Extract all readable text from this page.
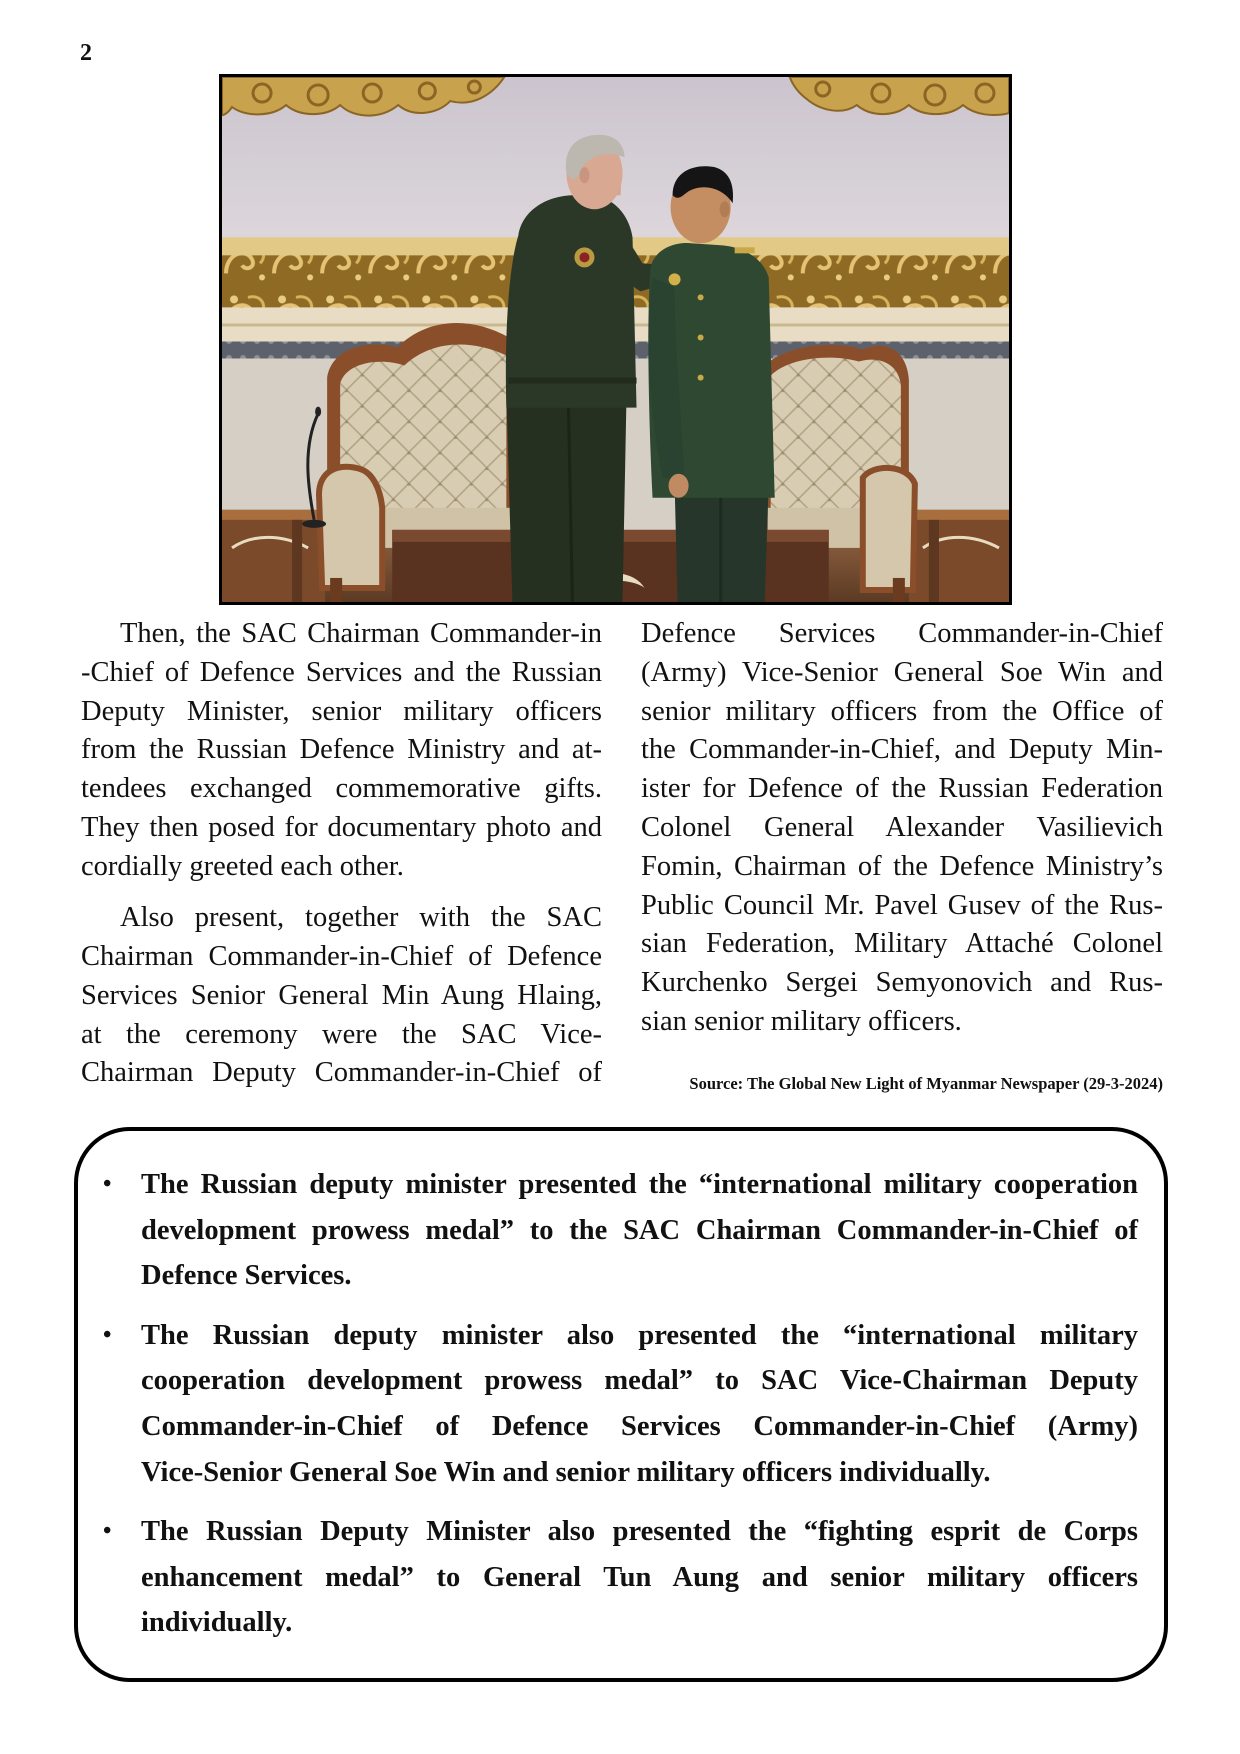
2
Then, the SAC Chairman Commander-in
-Chief of Defence Services and the Russian
Deputy Minister, senior military officers
from the Russian Defence Ministry and at-
tendees exchanged commemorative gifts.
They then posed for documentary photo and
cordially greeted each other.
Also present, together with the SAC
Chairman Commander-in-Chief of Defence
Services Senior General Min Aung Hlaing,
at the ceremony were the SAC Vice-
Chairman Deputy Commander-in-Chief of
Defence Services Commander-in-Chief
(Army) Vice-Senior General Soe Win and
senior military officers from the Office of
the Commander-in-Chief, and Deputy Min-
ister for Defence of the Russian Federation
Colonel General Alexander Vasilievich
Fomin, Chairman of the Defence Ministry’s
Public Council Mr. Pavel Gusev of the Rus-
sian Federation, Military Attaché Colonel
Kurchenko Sergei Semyonovich and Rus-
sian senior military officers.
Source: The Global New Light of Myanmar Newspaper (29-3-2024)
• The Russian deputy minister presented the “international military cooperation
development prowess medal” to the SAC Chairman Commander-in-Chief of
Defence Services.
• The Russian deputy minister also presented the “international military
cooperation development prowess medal” to SAC Vice-Chairman Deputy
Commander-in-Chief of Defence Services Commander-in-Chief (Army)
Vice-Senior General Soe Win and senior military officers individually.
• The Russian Deputy Minister also presented the “fighting esprit de Corps
enhancement medal” to General Tun Aung and senior military officers
individually.
